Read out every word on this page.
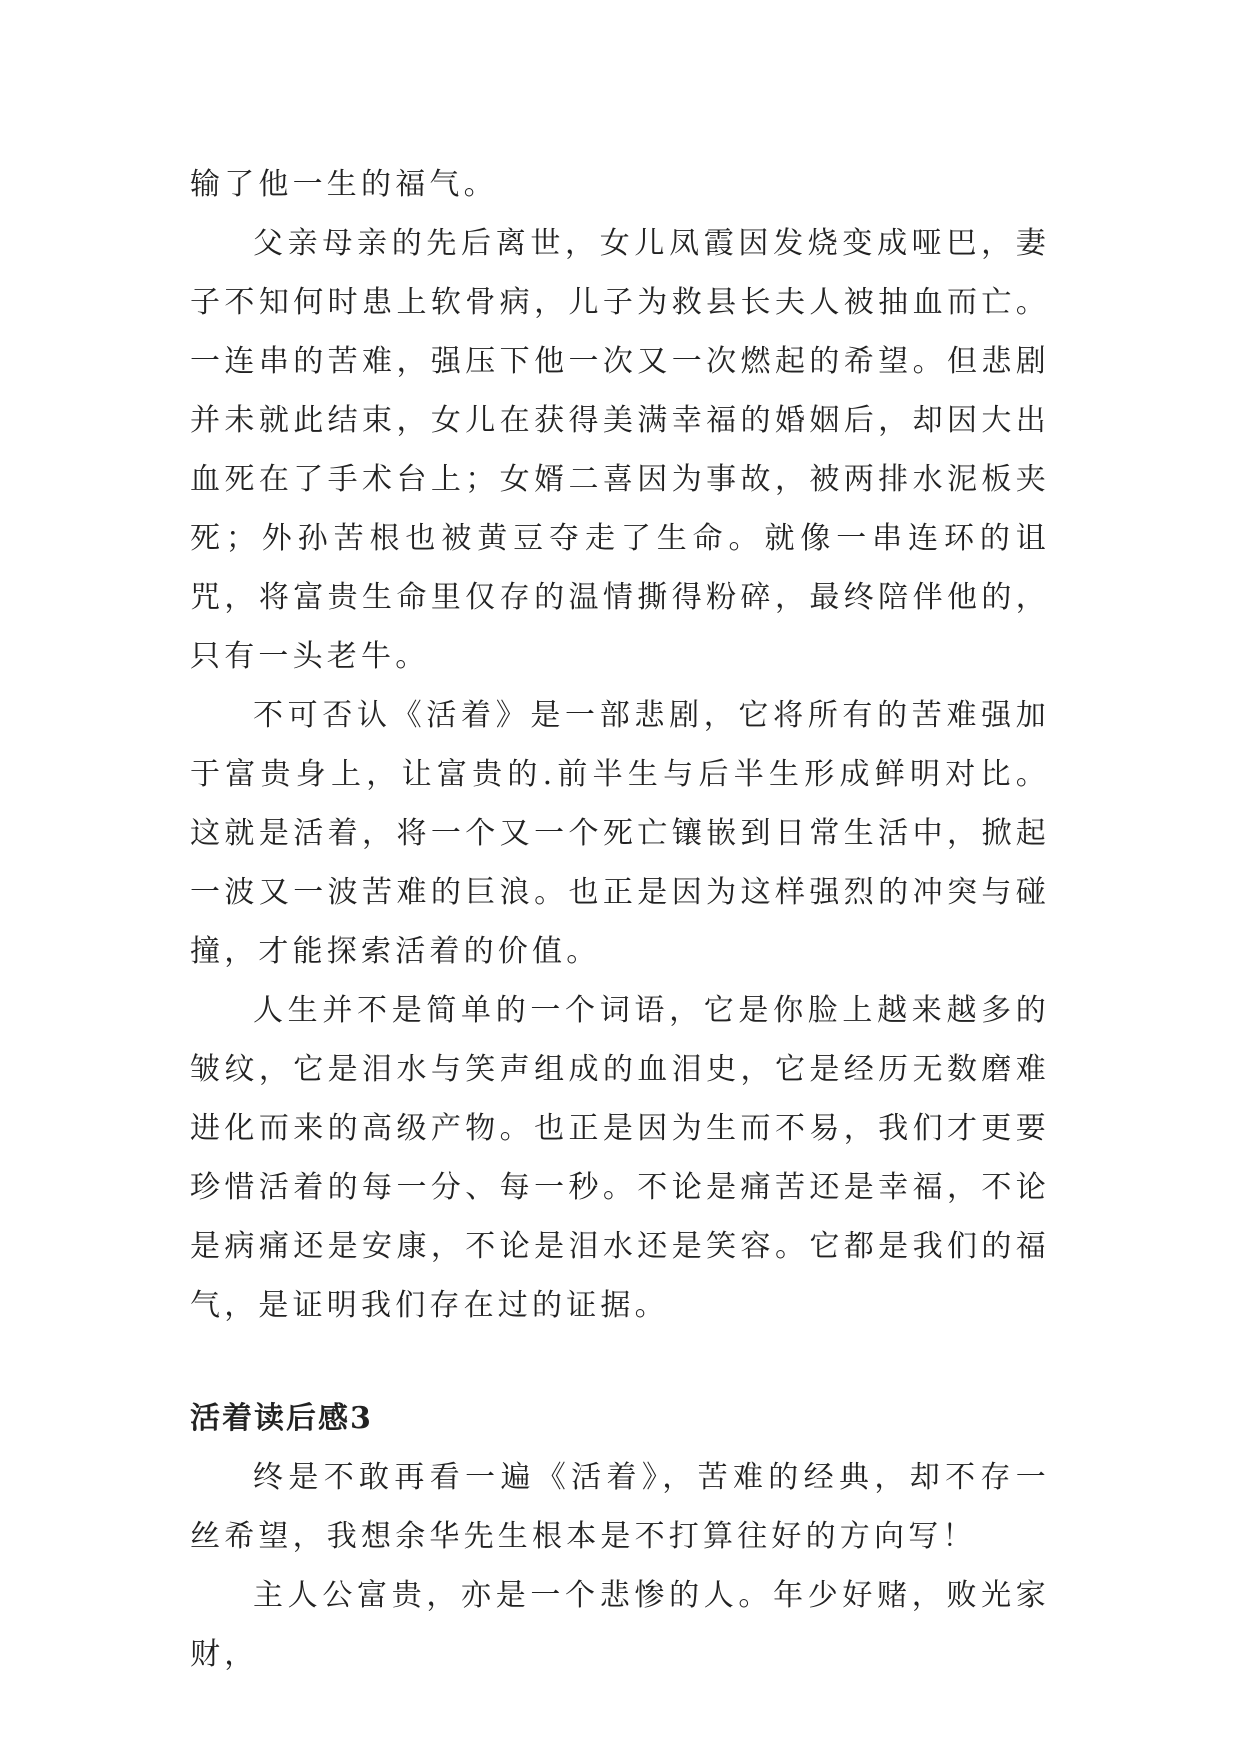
输了他一生的福气。

父亲母亲的先后离世，女儿凤霞因发烧变成哑巴，妻子不知何时患上软骨病，儿子为救县长夫人被抽血而亡。一连串的苦难，强压下他一次又一次燃起的希望。但悲剧并未就此结束，女儿在获得美满幸福的婚姻后，却因大出血死在了手术台上；女婿二喜因为事故，被两排水泥板夹死；外孙苦根也被黄豆夺走了生命。就像一串连环的诅咒，将富贵生命里仅存的温情撕得粉碎，最终陪伴他的，只有一头老牛。

不可否认《活着》是一部悲剧，它将所有的苦难强加于富贵身上，让富贵的.前半生与后半生形成鲜明对比。这就是活着，将一个又一个死亡镶嵌到日常生活中，掀起一波又一波苦难的巨浪。也正是因为这样强烈的冲突与碰撞，才能探索活着的价值。

人生并不是简单的一个词语，它是你脸上越来越多的皱纹，它是泪水与笑声组成的血泪史，它是经历无数磨难进化而来的高级产物。也正是因为生而不易，我们才更要珍惜活着的每一分、每一秒。不论是痛苦还是幸福，不论是病痛还是安康，不论是泪水还是笑容。它都是我们的福气，是证明我们存在过的证据。

活着读后感3

终是不敢再看一遍《活着》，苦难的经典，却不存一丝希望，我想余华先生根本是不打算往好的方向写！

主人公富贵，亦是一个悲惨的人。年少好赌，败光家财，
